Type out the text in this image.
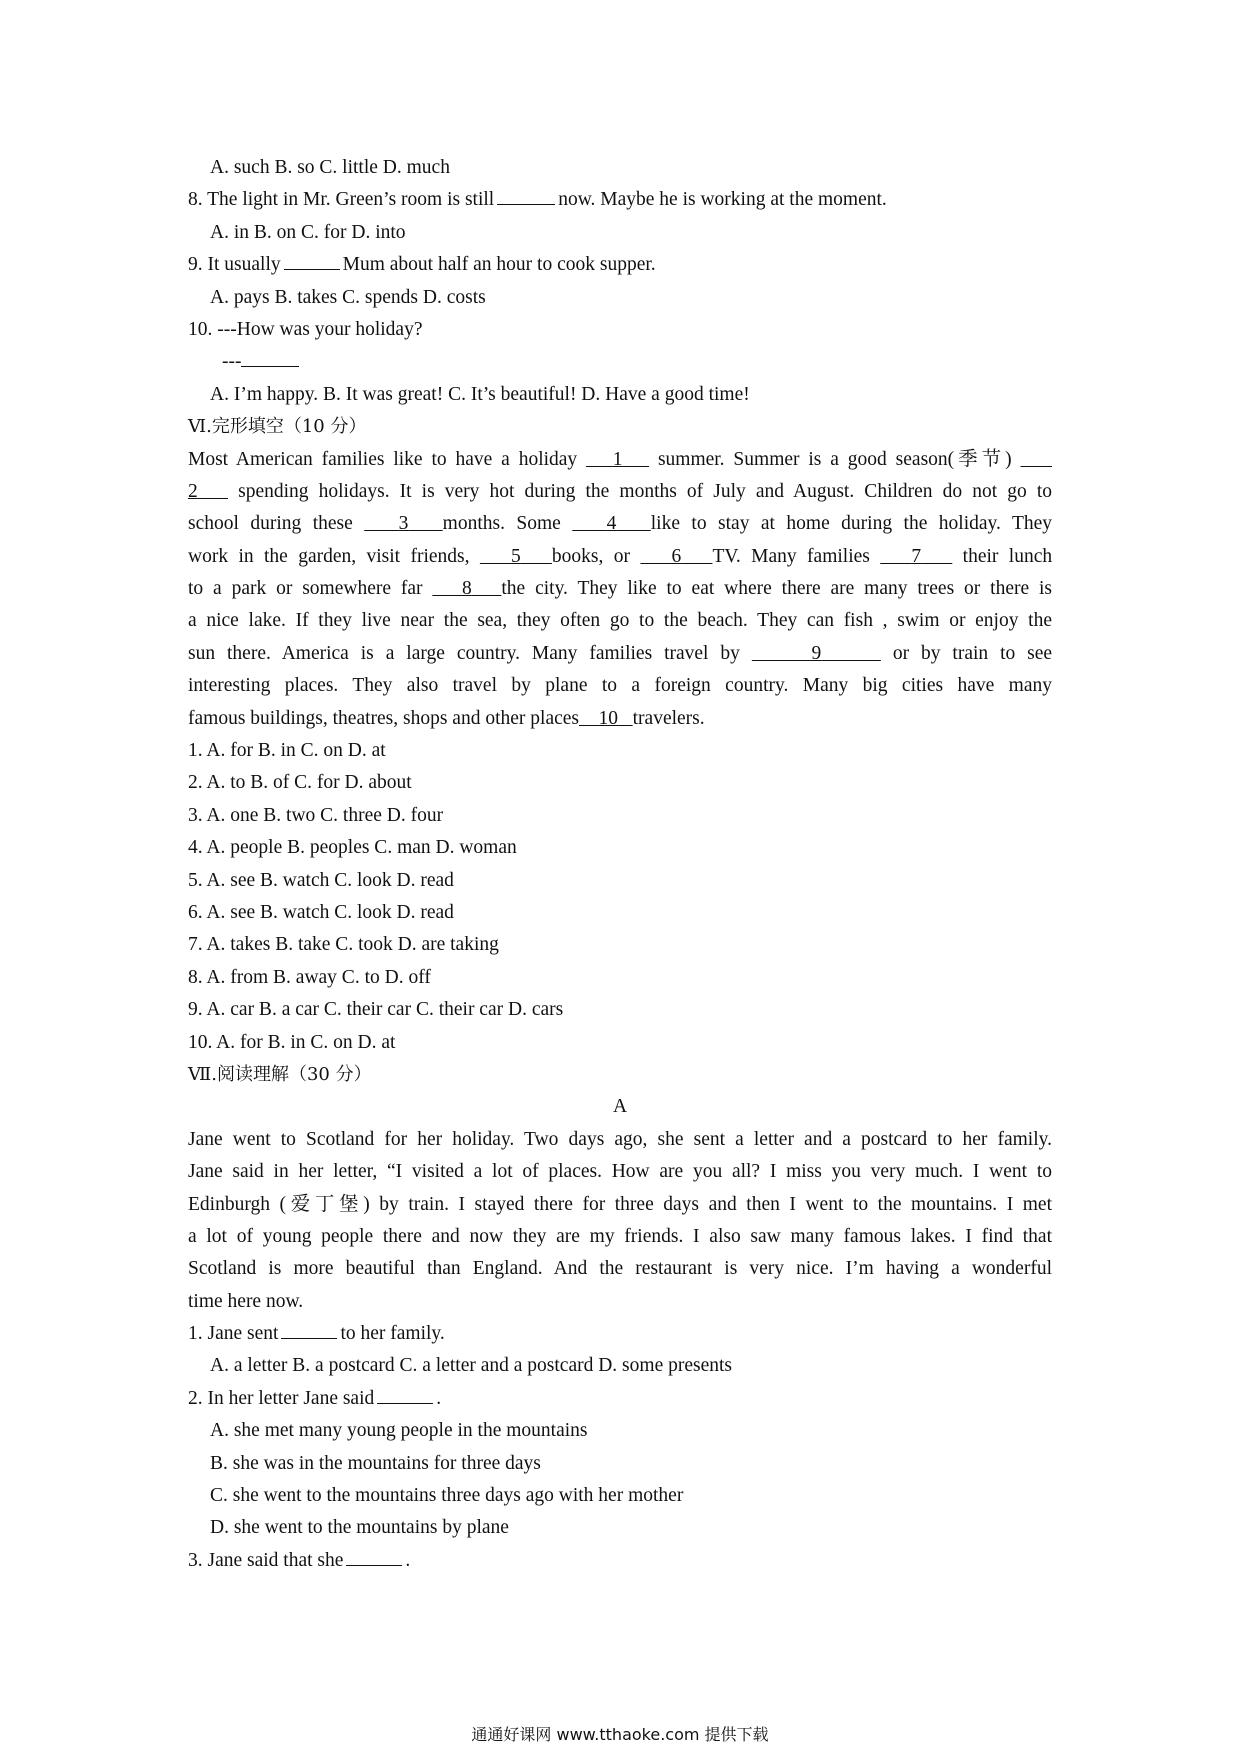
A. such B. so C. little D. much
8. The light in Mr. Green’s room is still	now. Maybe he is working at the moment.
A. in B. on C. for D. into
9. It usually	Mum about half an hour to cook supper.
A. pays B. takes C. spends D. costs
10. ---How was your holiday?
---
A. I’m happy. B. It was great! C. It’s beautiful! D. Have a good time!
Ⅵ.完形填空（10 分）
Most American families like to have a holiday 1 summer. Summer is a good season(季节)
2 spending holidays. It is very hot during the months of July and August. Children do not go to
school during these 3 months. Some 4 like to stay at home during the holiday. They
work in the garden, visit friends, 5 books, or 6 TV. Many families 7 their lunch
to a park or somewhere far 8 the city. They like to eat where there are many trees or there is
a nice lake. If they live near the sea, they often go to the beach. They can fish , swim or enjoy the
sun there. America is a large country. Many families travel by	9	or by train to see
interesting places. They also travel by plane to a foreign country. Many big cities have many
famous buildings, theatres, shops and other places 10 travelers.
1. A. for B. in C. on D. at
2. A. to B. of C. for D. about
3. A. one B. two C. three D. four
4. A. people B. peoples C. man D. woman
5. A. see B. watch C. look D. read
6. A. see B. watch C. look D. read
7. A. takes B. take C. took D. are taking
8. A. from B. away C. to D. off
9. A. car B. a car C. their car C. their car D. cars
10. A. for B. in C. on D. at
Ⅶ.阅读理解（30 分）
A
Jane went to Scotland for her holiday. Two days ago, she sent a letter and a postcard to her family.
Jane said in her letter, “I visited a lot of places. How are you all? I miss you very much. I went to
Edinburgh (爱丁堡) by train. I stayed there for three days and then I went to the mountains. I met
a lot of young people there and now they are my friends. I also saw many famous lakes. I find that
Scotland is more beautiful than England. And the restaurant is very nice. I’m having a wonderful
time here now.
1. Jane sent	to her family.
A. a letter B. a postcard C. a letter and a postcard D. some presents
2. In her letter Jane said	.
A. she met many young people in the mountains
B. she was in the mountains for three days
C. she went to the mountains three days ago with her mother
D. she went to the mountains by plane
3. Jane said that she	.
通通好课网 www.tthaoke.com 提供下载
